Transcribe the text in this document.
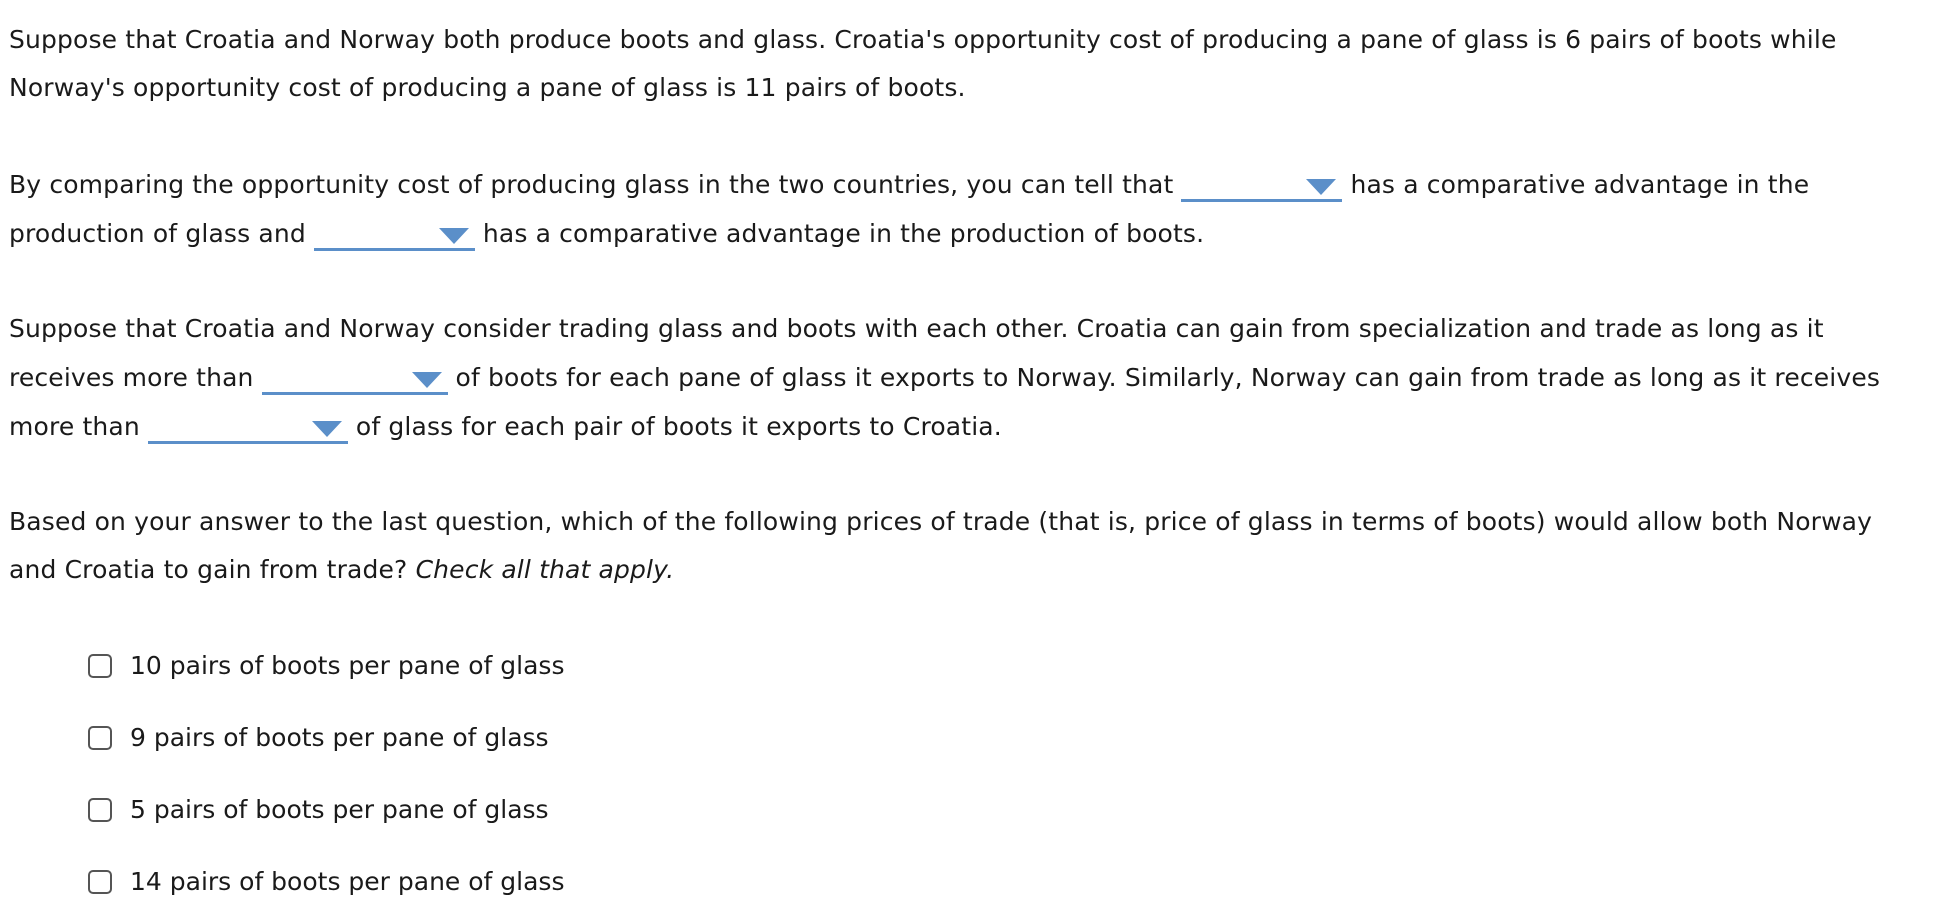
Suppose that Croatia and Norway both produce boots and glass. Croatia's opportunity cost of producing a pane of glass is 6 pairs of boots while
Norway's opportunity cost of producing a pane of glass is 11 pairs of boots.

By comparing the opportunity cost of producing glass in the two countries, you can tell that	has a comparative advantage in the
production of glass and	has a comparative advantage in the production of boots.

Suppose that Croatia and Norway consider trading glass and boots with each other. Croatia can gain from specialization and trade as long as it
receives more than	of boots for each pane of glass it exports to Norway. Similarly, Norway can gain from trade as long as it receives
more than	of glass for each pair of boots it exports to Croatia.

Based on your answer to the last question, which of the following prices of trade (that is, price of glass in terms of boots) would allow both Norway
and Croatia to gain from trade? Check all that apply.

10 pairs of boots per pane of glass
9 pairs of boots per pane of glass
5 pairs of boots per pane of glass
14 pairs of boots per pane of glass
